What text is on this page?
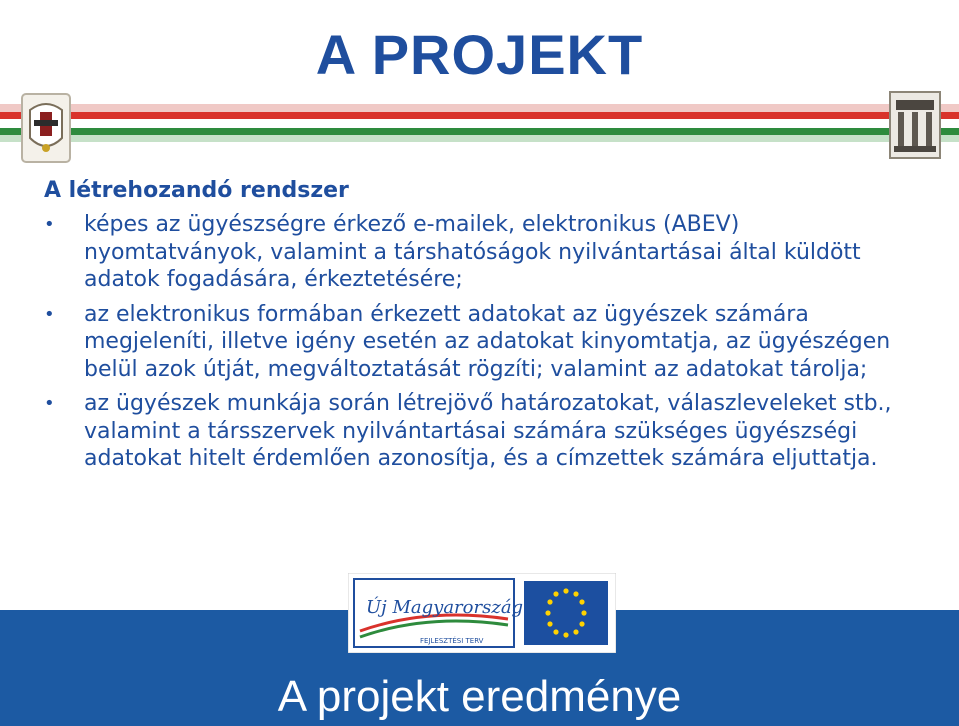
A PROJEKT
A létrehozandó rendszer
• képes az ügyészségre érkező e-mailek, elektronikus (ABEV) nyomtatványok, valamint a társhatóságok nyilvántartásai által küldött adatok fogadására, érkeztetésére;
• az elektronikus formában érkezett adatokat az ügyészek számára megjeleníti, illetve igény esetén az adatokat kinyomtatja, az ügyészégen belül azok útját, megváltoztatását rögzíti; valamint az adatokat tárolja;
• az ügyészek munkája során létrejövő határozatokat, válaszleveleket stb., valamint a társszervek nyilvántartásai számára szükséges ügyészségi adatokat hitelt érdemlően azonosítja, és a címzettek számára eljuttatja.
Új Magyarország
FEJLESZTÉSI TERV
A projekt eredménye
